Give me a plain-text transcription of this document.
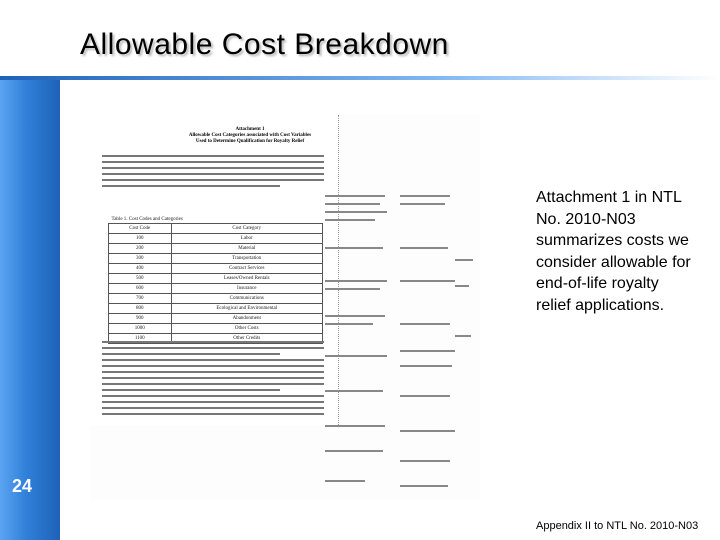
Allowable Cost Breakdown
24
Attachment 1
Allowable Cost Categories associated with Cost Variables
Used to Determine Qualification for Royalty Relief
Table 1. Cost Codes and Categories	
Cost Code	Cost Category
100	Labor
200	Material
300	Transportation
400	Contract Services
500	Leases/Owned Rentals
600	Insurance
700	Communications
800	Ecological and Environmental
900	Abandonment
1000	Other Costs
1100	Other Credits
Attachment 1 in NTL No. 2010-N03 summarizes costs we consider allowable for end-of-life royalty relief applications.
Appendix II to NTL No. 2010-N03
